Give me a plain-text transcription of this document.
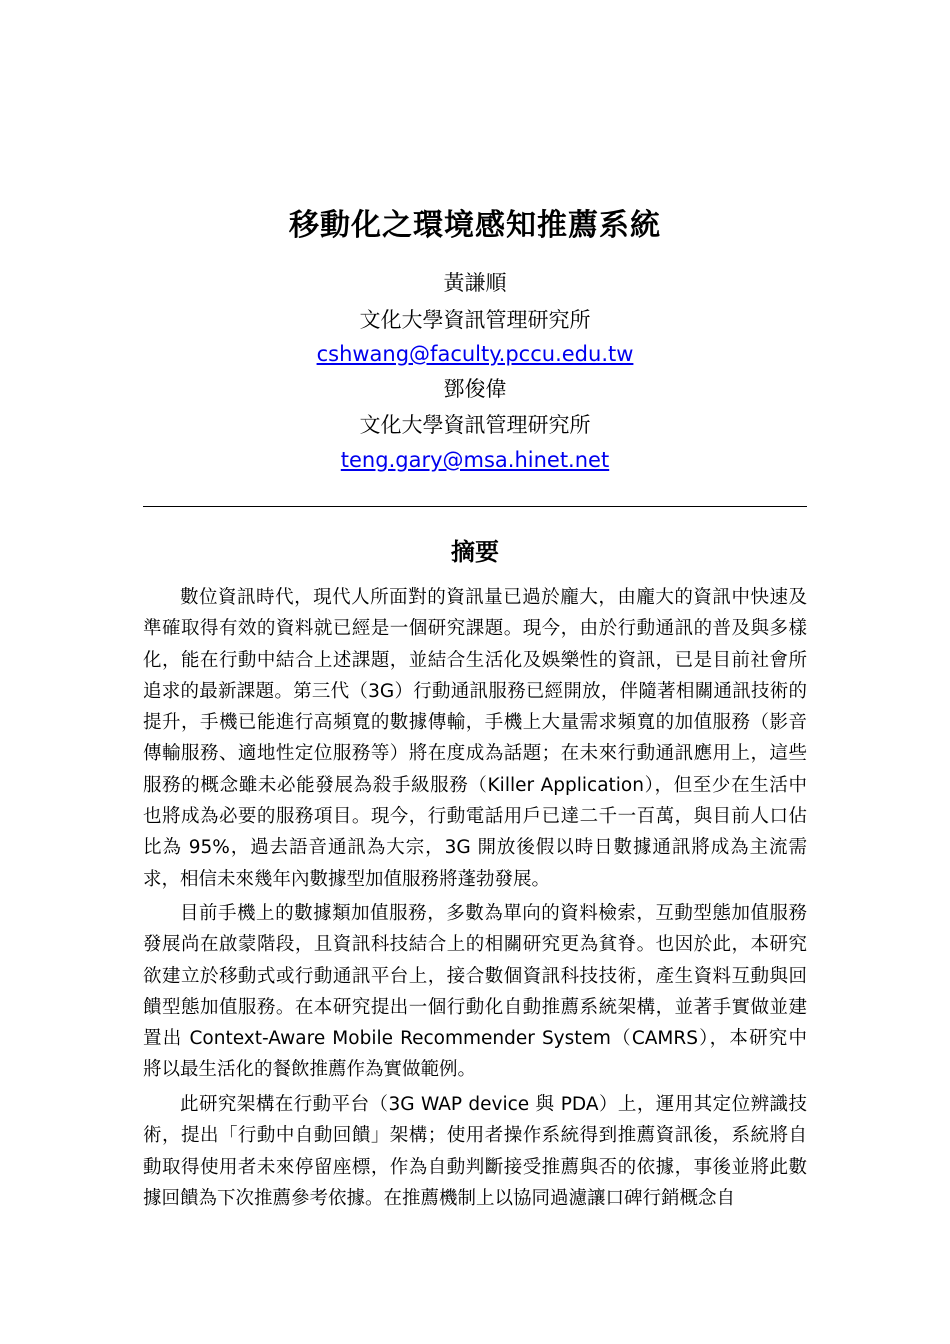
移動化之環境感知推薦系統

黃謙順

文化大學資訊管理研究所

cshwang@faculty.pccu.edu.tw

鄧俊偉

文化大學資訊管理研究所

teng.gary@msa.hinet.net

摘要

數位資訊時代，現代人所面對的資訊量已過於龐大，由龐大的資訊中快速及準確取得有效的資料就已經是一個研究課題。現今，由於行動通訊的普及與多樣化，能在行動中結合上述課題，並結合生活化及娛樂性的資訊，已是目前社會所追求的最新課題。第三代（3G）行動通訊服務已經開放，伴隨著相關通訊技術的提升，手機已能進行高頻寬的數據傳輸，手機上大量需求頻寬的加值服務（影音傳輸服務、適地性定位服務等）將在度成為話題；在未來行動通訊應用上，這些服務的概念雖未必能發展為殺手級服務（Killer Application），但至少在生活中也將成為必要的服務項目。現今，行動電話用戶已達二千一百萬，與目前人口佔比為 95%，過去語音通訊為大宗，3G 開放後假以時日數據通訊將成為主流需求，相信未來幾年內數據型加值服務將蓬勃發展。

目前手機上的數據類加值服務，多數為單向的資料檢索，互動型態加值服務發展尚在啟蒙階段，且資訊科技結合上的相關研究更為貧脊。也因於此，本研究欲建立於移動式或行動通訊平台上，接合數個資訊科技技術，產生資料互動與回饋型態加值服務。在本研究提出一個行動化自動推薦系統架構，並著手實做並建置出 Context-Aware Mobile Recommender System（CAMRS），本研究中將以最生活化的餐飲推薦作為實做範例。

此研究架構在行動平台（3G WAP device 與 PDA）上，運用其定位辨識技術，提出「行動中自動回饋」架構；使用者操作系統得到推薦資訊後，系統將自動取得使用者未來停留座標，作為自動判斷接受推薦與否的依據，事後並將此數據回饋為下次推薦參考依據。在推薦機制上以協同過濾讓口碑行銷概念自
